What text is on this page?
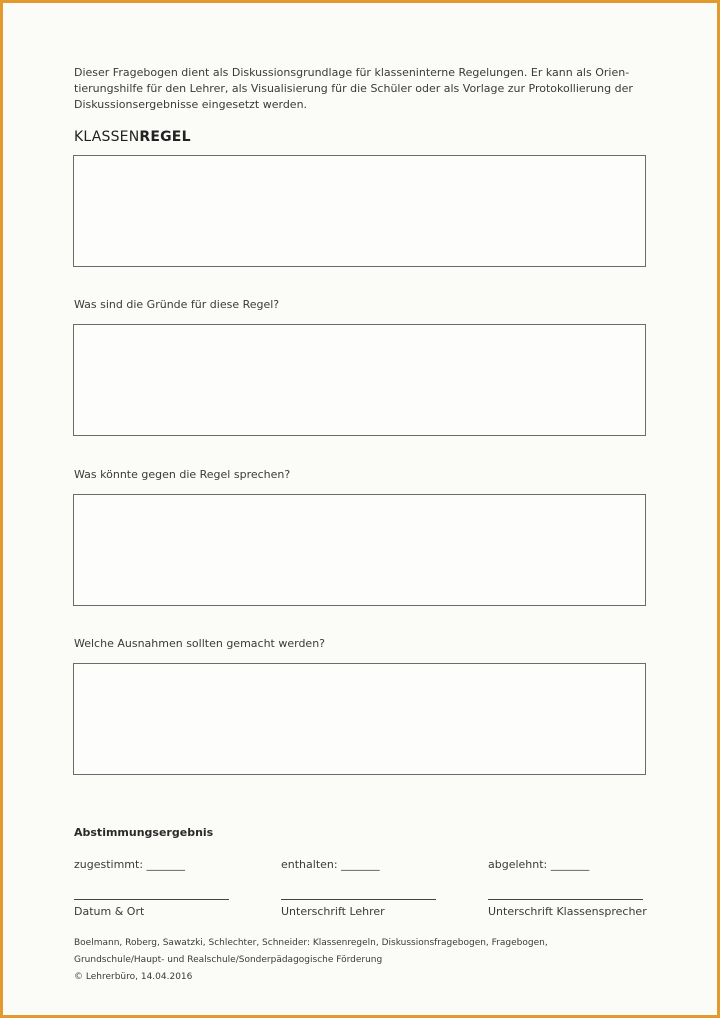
Dieser Fragebogen dient als Diskussionsgrundlage für klasseninterne Regelungen. Er kann als Orien-tierungshilfe für den Lehrer, als Visualisierung für die Schüler oder als Vorlage zur Protokollierung der Diskussionsergebnisse eingesetzt werden.

KLASSENREGEL

Was sind die Gründe für diese Regel?

Was könnte gegen die Regel sprechen?

Welche Ausnahmen sollten gemacht werden?

Abstimmungsergebnis

zugestimmt: _______	enthalten: _______	abgelehnt: _______
Datum & Ort	Unterschrift Lehrer	Unterschrift Klassensprecher
Boelmann, Roberg, Sawatzki, Schlechter, Schneider: Klassenregeln, Diskussionsfragebogen, Fragebogen,
Grundschule/Haupt- und Realschule/Sonderpädagogische Förderung
© Lehrerbüro, 14.04.2016
